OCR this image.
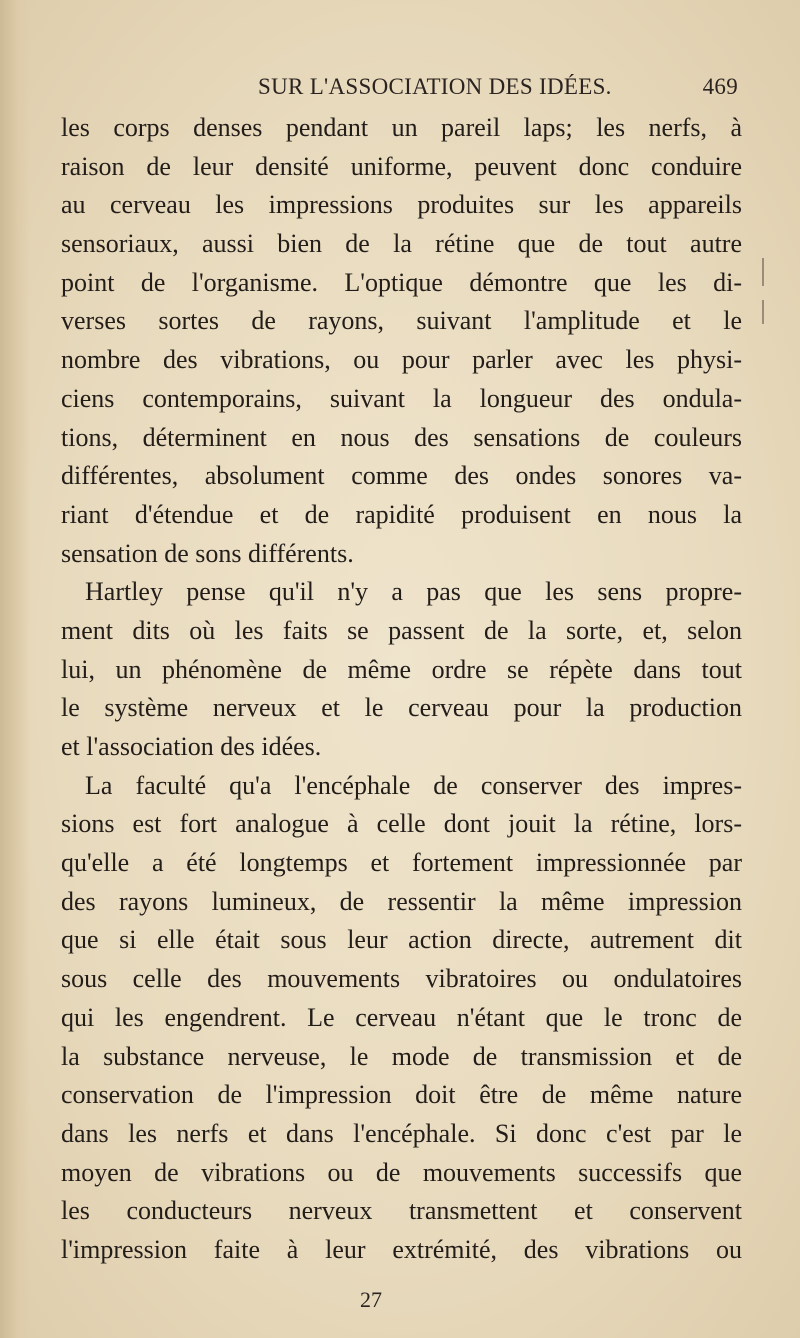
SUR L'ASSOCIATION DES IDÉES.	469
les corps denses pendant un pareil laps; les nerfs, à
raison de leur densité uniforme, peuvent donc conduire
au cerveau les impressions produites sur les appareils
sensoriaux, aussi bien de la rétine que de tout autre
point de l'organisme. L'optique démontre que les di-
verses sortes de rayons, suivant l'amplitude et le
nombre des vibrations, ou pour parler avec les physi-
ciens contemporains, suivant la longueur des ondula-
tions, déterminent en nous des sensations de couleurs
différentes, absolument comme des ondes sonores va-
riant d'étendue et de rapidité produisent en nous la
sensation de sons différents.
Hartley pense qu'il n'y a pas que les sens propre-
ment dits où les faits se passent de la sorte, et, selon
lui, un phénomène de même ordre se répète dans tout
le système nerveux et le cerveau pour la production
et l'association des idées.
La faculté qu'a l'encéphale de conserver des impres-
sions est fort analogue à celle dont jouit la rétine, lors-
qu'elle a été longtemps et fortement impressionnée par
des rayons lumineux, de ressentir la même impression
que si elle était sous leur action directe, autrement dit
sous celle des mouvements vibratoires ou ondulatoires
qui les engendrent. Le cerveau n'étant que le tronc de
la substance nerveuse, le mode de transmission et de
conservation de l'impression doit être de même nature
dans les nerfs et dans l'encéphale. Si donc c'est par le
moyen de vibrations ou de mouvements successifs que
les conducteurs nerveux transmettent et conservent
l'impression faite à leur extrémité, des vibrations ou
27
